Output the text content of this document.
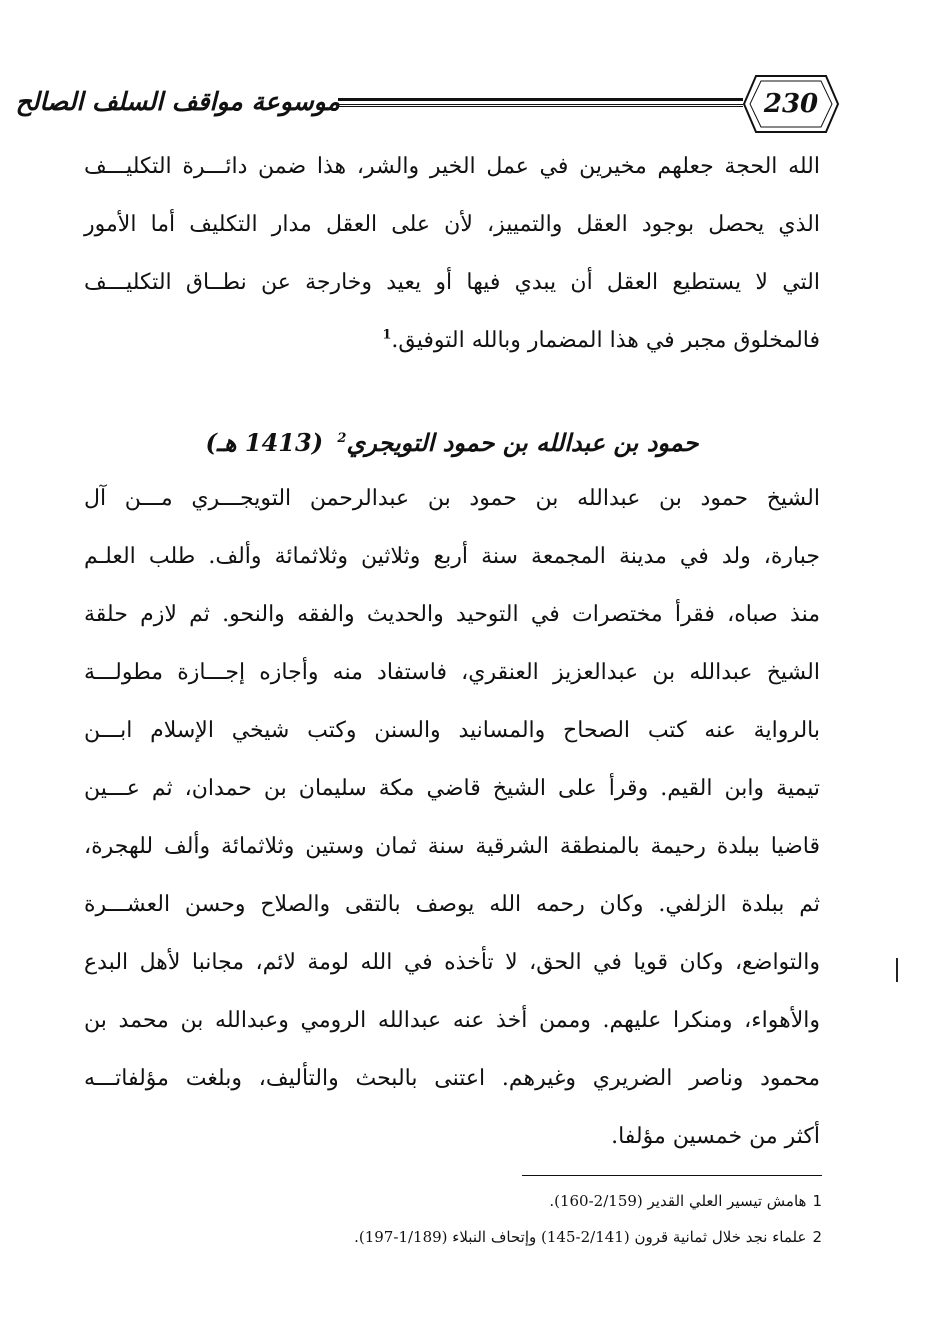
موسوعة مواقف السلف الصالح	230
الله الحجة جعلهم مخيرين في عمل الخير والشر، هذا ضمن دائـــرة التكليـــف
الذي يحصل بوجود العقل والتمييز، لأن على العقل مدار التكليف أما الأمور
التي لا يستطيع العقل أن يبدي فيها أو يعيد وخارجة عن نطــاق التكليـــف
فالمخلوق مجبر في هذا المضمار وبالله التوفيق.$^1$
حمود بن عبدالله بن حمود التويجري$^2$ (1413 هـ)
الشيخ حمود بن عبدالله بن حمود بن عبدالرحمن التويجـــري مـــن آل
جبارة، ولد في مدينة المجمعة سنة أربع وثلاثين وثلاثمائة وألف. طلب العلـم
منذ صباه، فقرأ مختصرات في التوحيد والحديث والفقه والنحو. ثم لازم حلقة
الشيخ عبدالله بن عبدالعزيز العنقري، فاستفاد منه وأجازه إجـــازة مطولـــة
بالرواية عنه كتب الصحاح والمسانيد والسنن وكتب شيخي الإسلام ابـــن
تيمية وابن القيم. وقرأ على الشيخ قاضي مكة سليمان بن حمدان، ثم عـــين
قاضيا ببلدة رحيمة بالمنطقة الشرقية سنة ثمان وستين وثلاثمائة وألف للهجرة،
ثم ببلدة الزلفي. وكان رحمه الله يوصف بالتقى والصلاح وحسن العشـــرة
والتواضع، وكان قويا في الحق، لا تأخذه في الله لومة لائم، مجانبا لأهل البدع
والأهواء، ومنكرا عليهم. وممن أخذ عنه عبدالله الرومي وعبدالله بن محمد بن
محمود وناصر الضريري وغيرهم. اعتنى بالبحث والتأليف، وبلغت مؤلفاتـــه
أكثر من خمسين مؤلفا.
1هامش تيسير العلي القدير (2/159-160).
2علماء نجد خلال ثمانية قرون (2/141-145) وإتحاف النبلاء (1/189-197).
